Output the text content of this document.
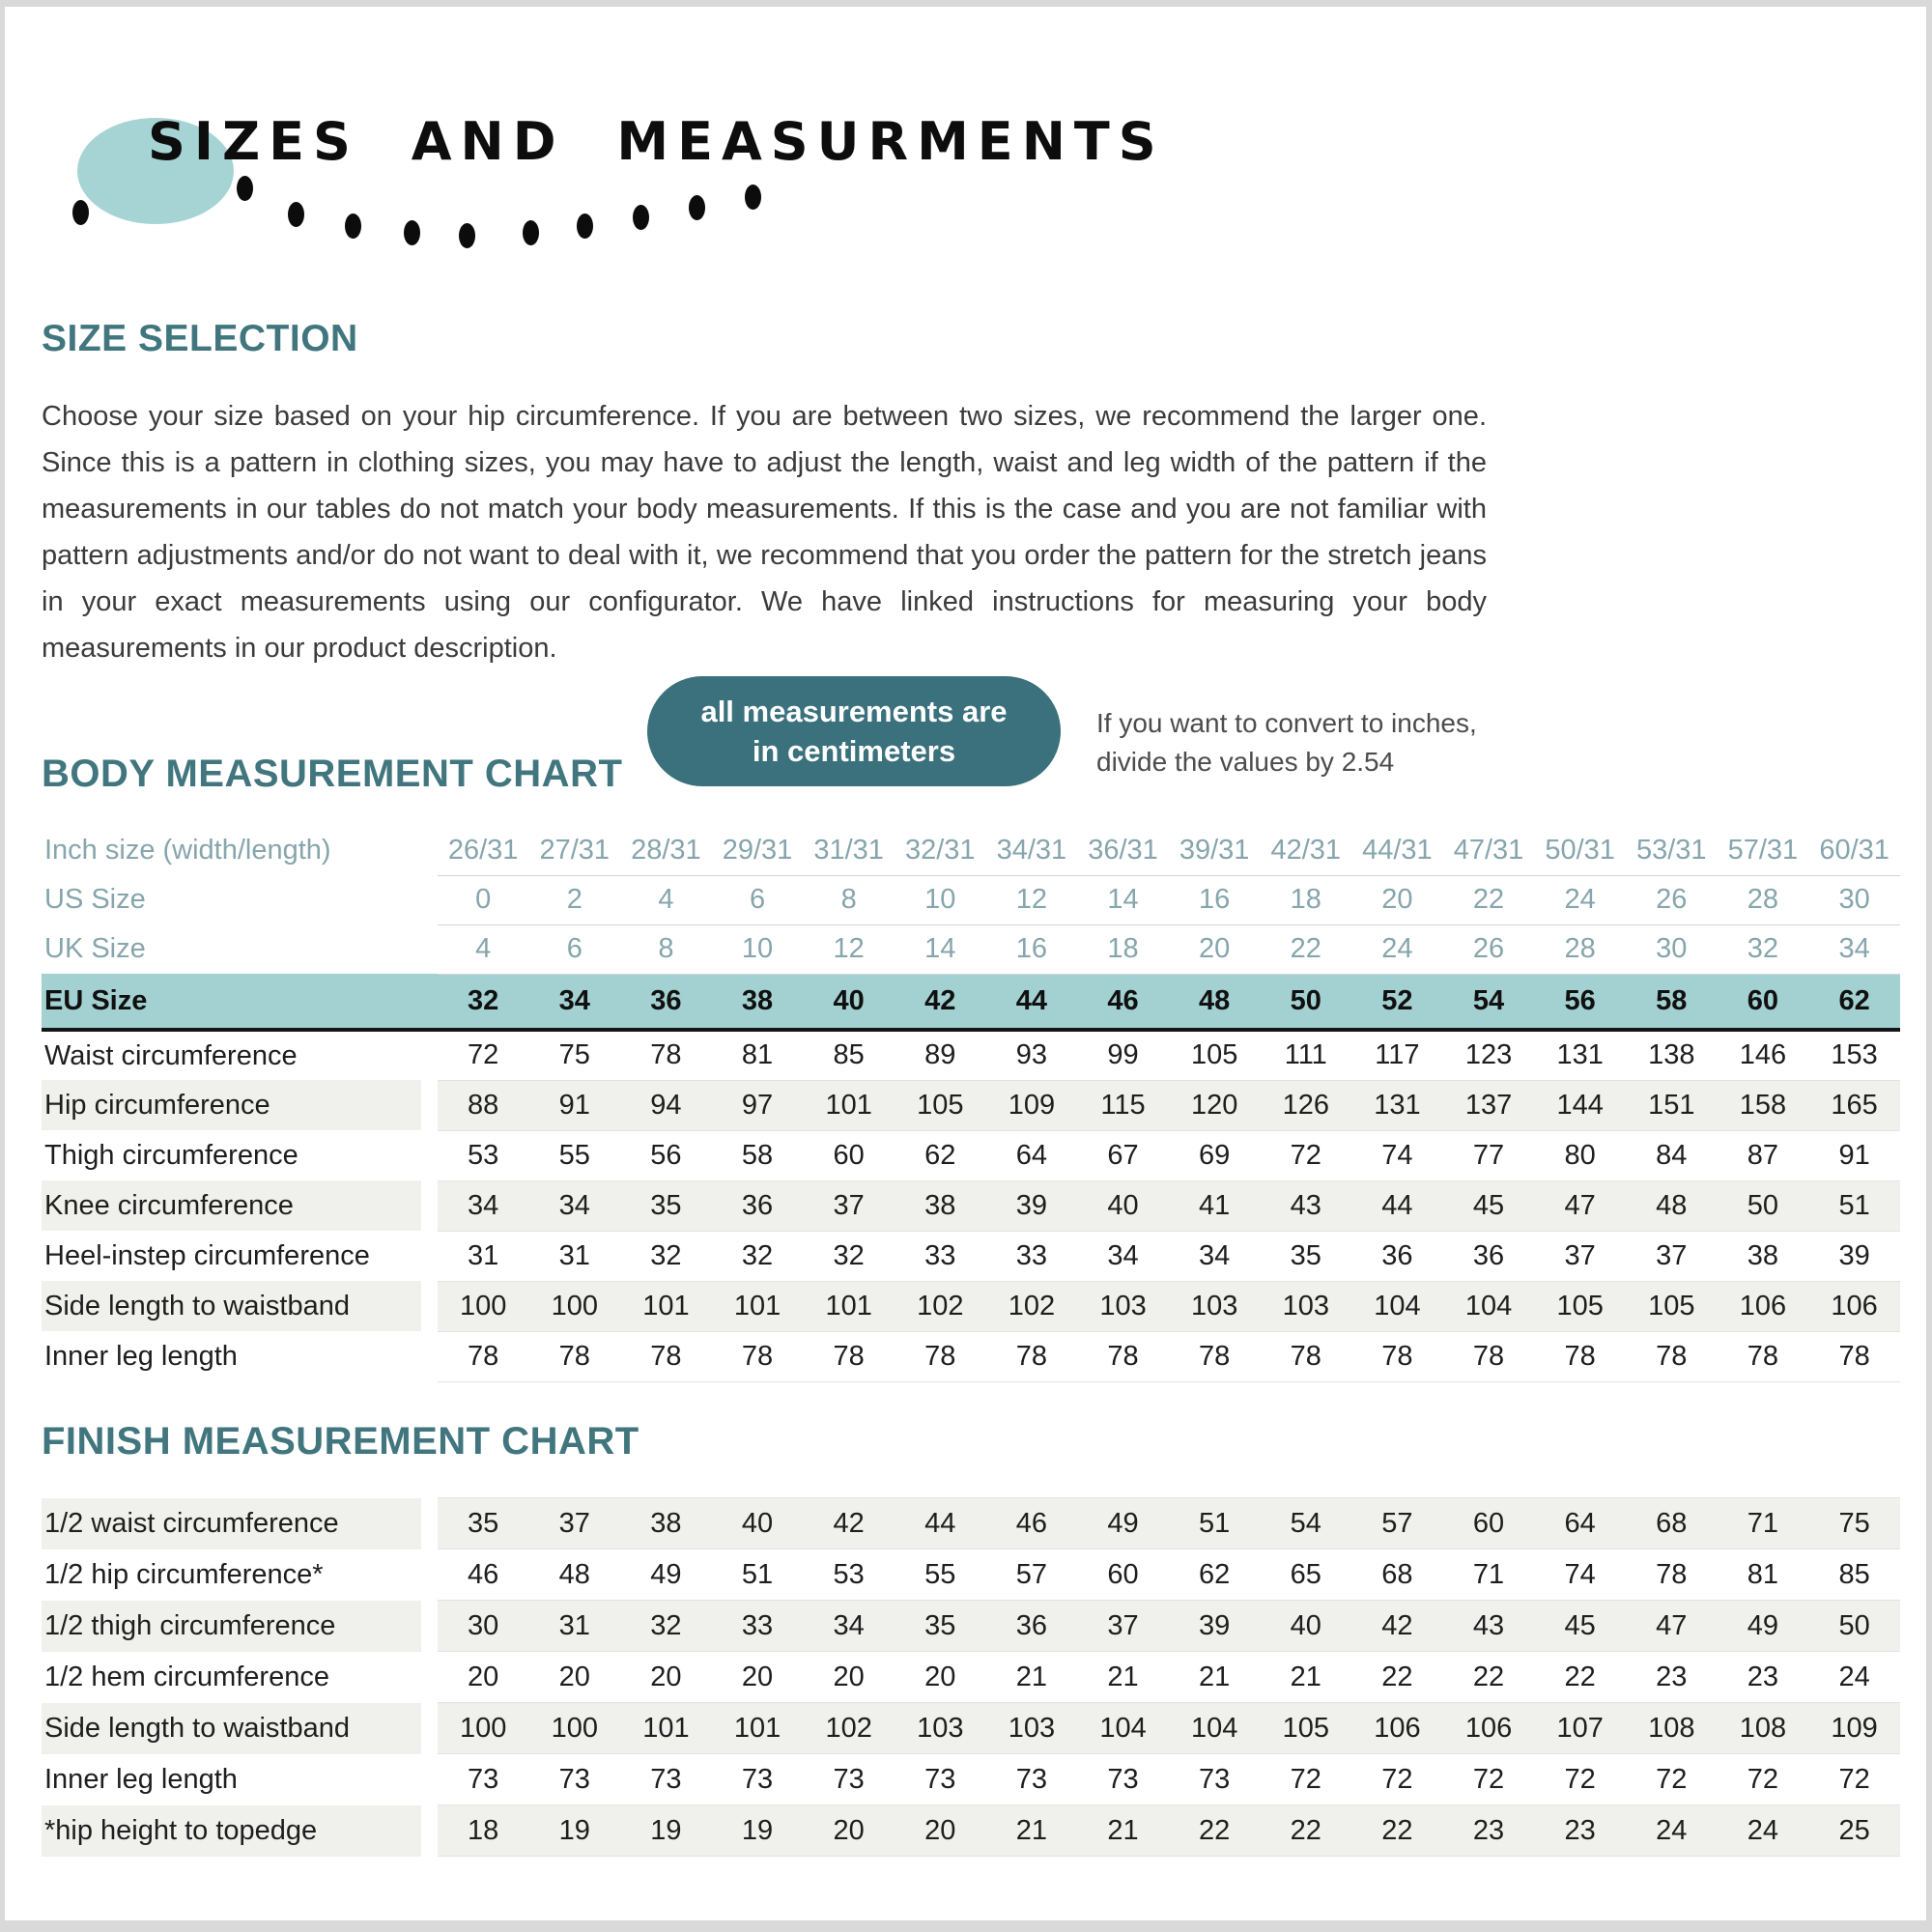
SIZES AND MEASURMENTS
SIZE SELECTION

Choose your size based on your hip circumference. If you are between two sizes, we recommend the larger one. Since this is a pattern in clothing sizes, you may have to adjust the length, waist and leg width of the pattern if the measurements in our tables do not match your body measurements. If this is the case and you are not familiar with pattern adjustments and/or do not want to deal with it, we recommend that you order the pattern for the stretch jeans in your exact measurements using our configurator. We have linked instructions for measuring your body measurements in our product description.

BODY MEASUREMENT CHART
all measurements are
in centimeters
If you want to convert to inches,
divide the values by 2.54
Inch size (width/length)		26/31	27/31	28/31	29/31	31/31	32/31	34/31	36/31	39/31	42/31	44/31	47/31	50/31	53/31	57/31	60/31
US Size		0	2	4	6	8	10	12	14	16	18	20	22	24	26	28	30
UK Size		4	6	8	10	12	14	16	18	20	22	24	26	28	30	32	34
EU Size		32	34	36	38	40	42	44	46	48	50	52	54	56	58	60	62
Waist circumference		72	75	78	81	85	89	93	99	105	111	117	123	131	138	146	153
Hip circumference		88	91	94	97	101	105	109	115	120	126	131	137	144	151	158	165
Thigh circumference		53	55	56	58	60	62	64	67	69	72	74	77	80	84	87	91
Knee circumference		34	34	35	36	37	38	39	40	41	43	44	45	47	48	50	51
Heel-instep circumference		31	31	32	32	32	33	33	34	34	35	36	36	37	37	38	39
Side length to waistband		100	100	101	101	101	102	102	103	103	103	104	104	105	105	106	106
Inner leg length		78	78	78	78	78	78	78	78	78	78	78	78	78	78	78	78
FINISH MEASUREMENT CHART
1/2 waist circumference		35	37	38	40	42	44	46	49	51	54	57	60	64	68	71	75
1/2 hip circumference*		46	48	49	51	53	55	57	60	62	65	68	71	74	78	81	85
1/2 thigh circumference		30	31	32	33	34	35	36	37	39	40	42	43	45	47	49	50
1/2 hem circumference		20	20	20	20	20	20	21	21	21	21	22	22	22	23	23	24
Side length to waistband		100	100	101	101	102	103	103	104	104	105	106	106	107	108	108	109
Inner leg length		73	73	73	73	73	73	73	73	73	72	72	72	72	72	72	72
*hip height to topedge		18	19	19	19	20	20	21	21	22	22	22	23	23	24	24	25
